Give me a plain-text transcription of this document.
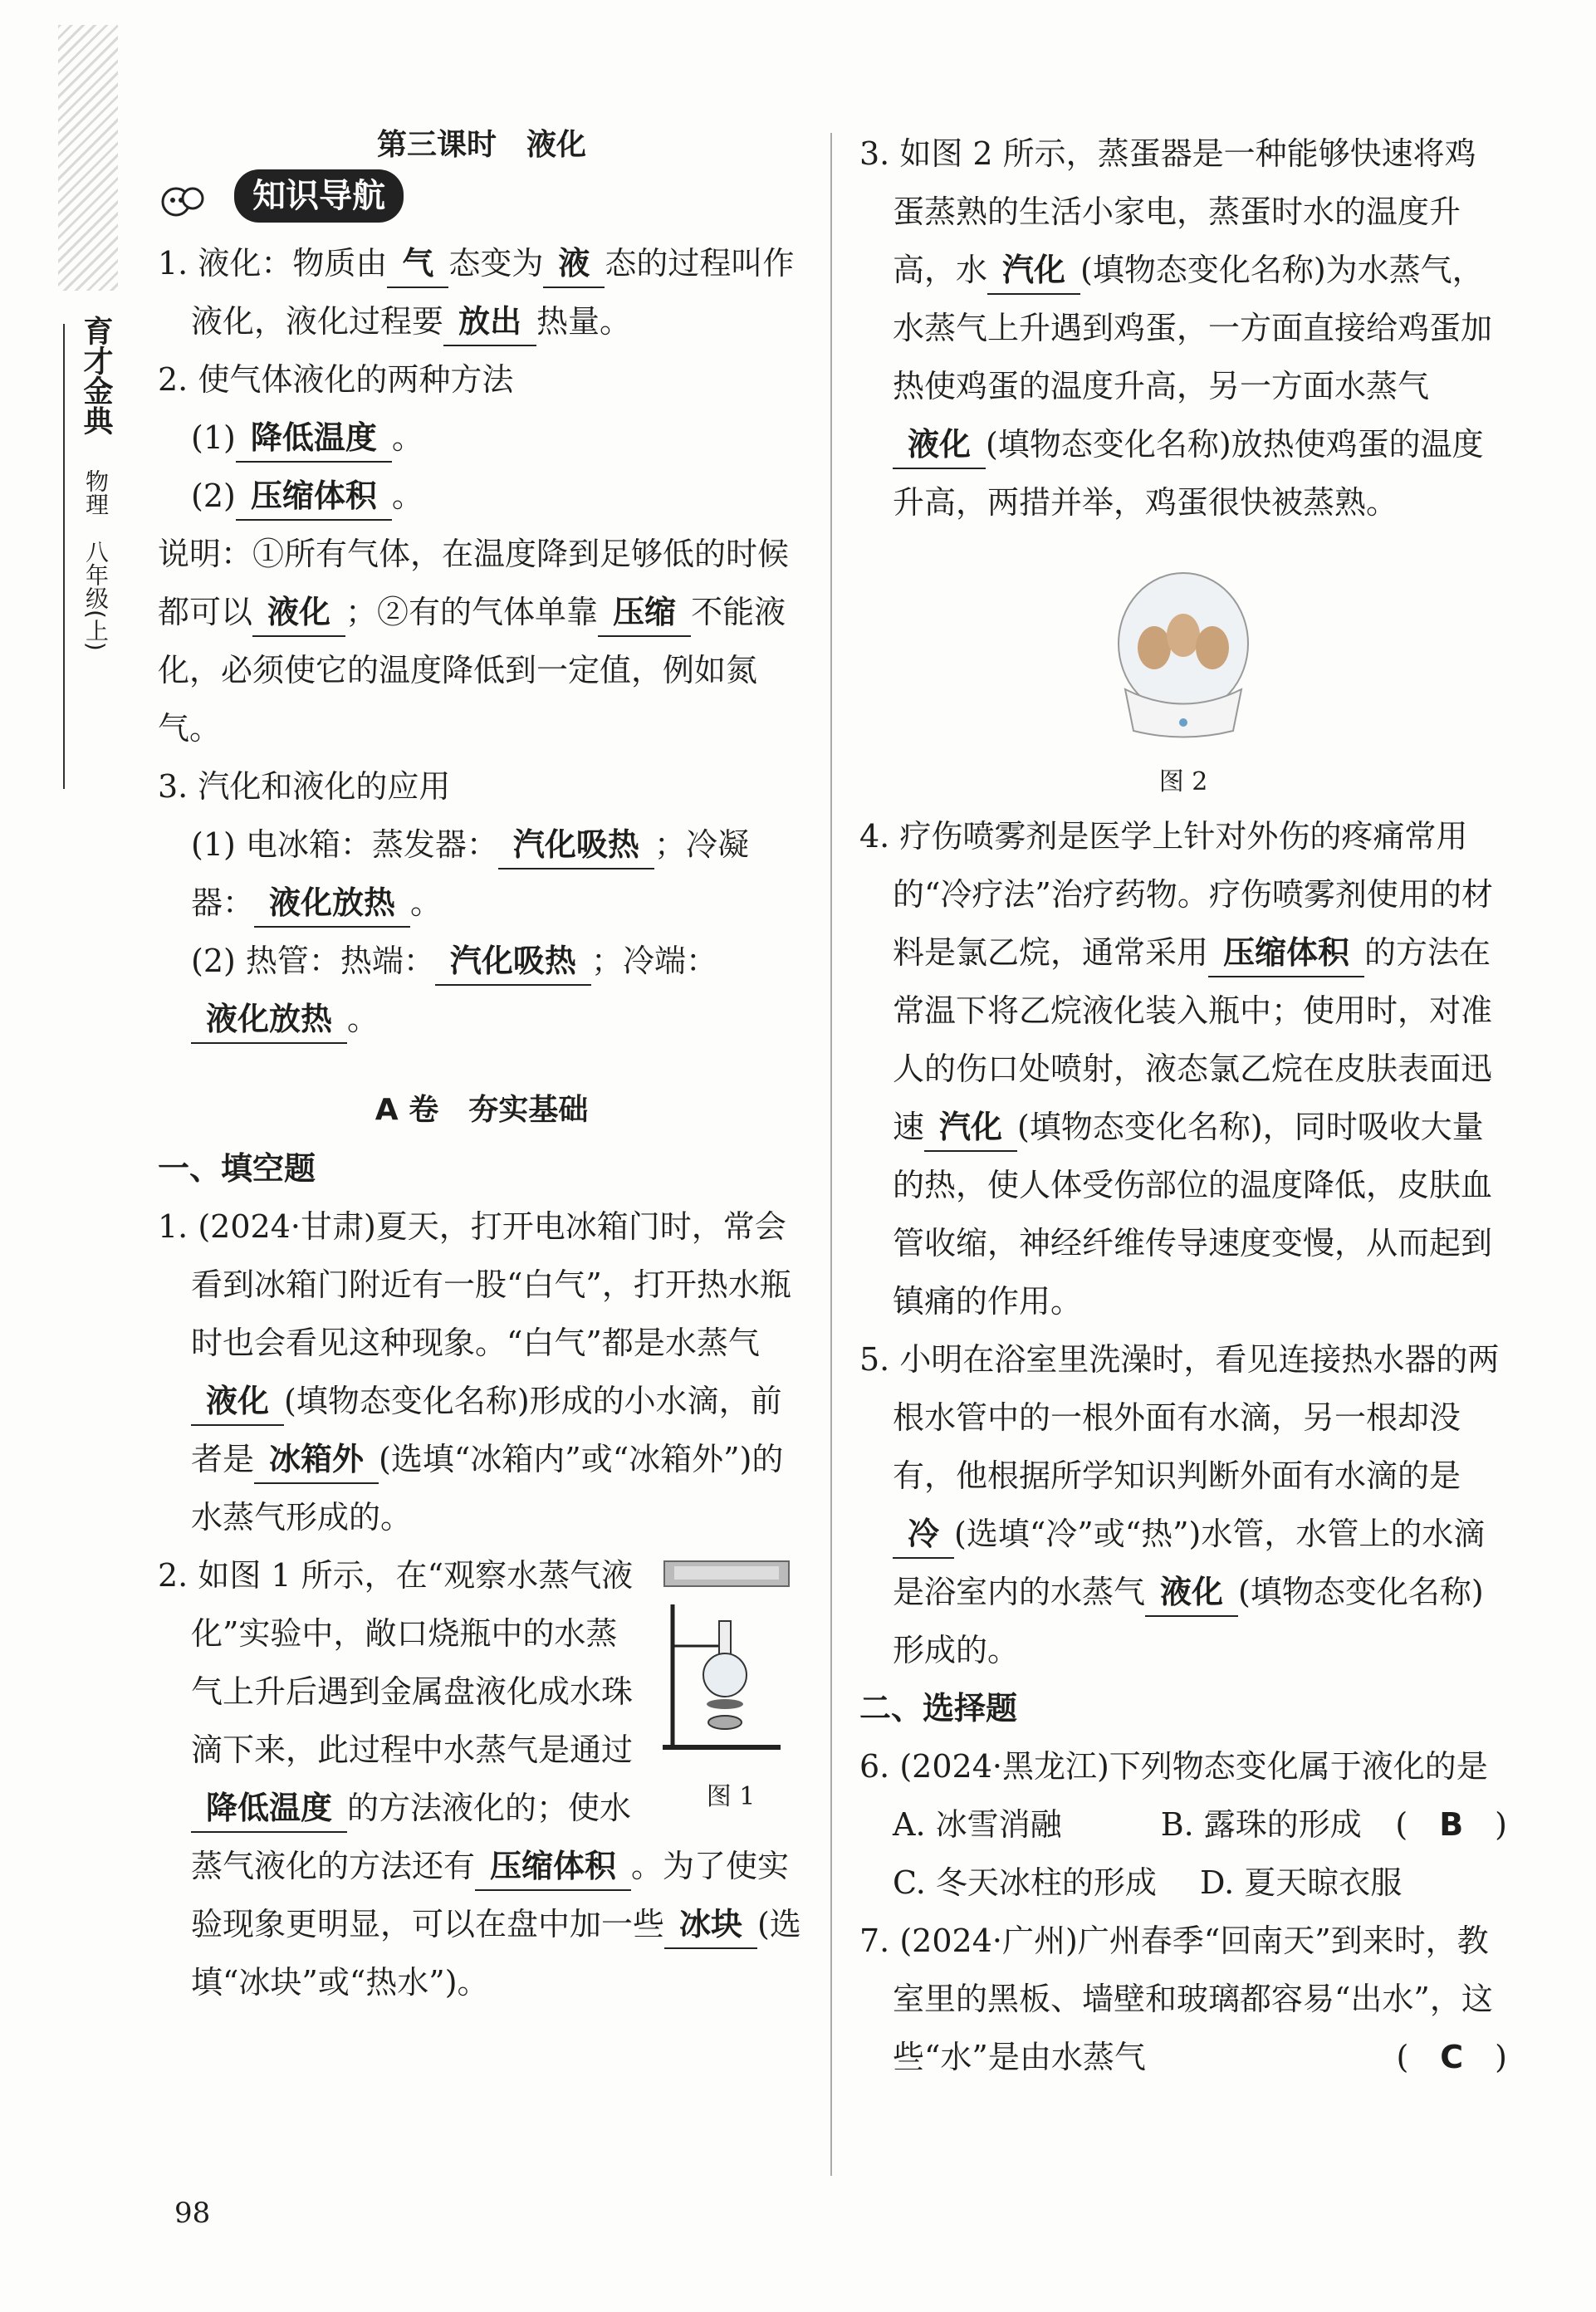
育才金典
物理
八年级(上)
第三课时　液化
知识导航

1. 液化：物质由 气 态变为 液 态的过程叫作液化，液化过程要 放出 热量。

2. 使气体液化的两种方法

(1) 降低温度 。

(2) 压缩体积 。

说明：①所有气体，在温度降到足够低的时候都可以 液化 ；②有的气体单靠 压缩 不能液化，必须使它的温度降低到一定值，例如氮气。

3. 汽化和液化的应用

(1) 电冰箱：蒸发器： 汽化吸热 ；冷凝器： 液化放热 。

(2) 热管：热端： 汽化吸热 ；冷端：液化放热 。

A 卷　夯实基础
一、填空题

1. (2024·甘肃)夏天，打开电冰箱门时，常会看到冰箱门附近有一股“白气”，打开热水瓶时也会看见这种现象。“白气”都是水蒸气液化 (填物态变化名称)形成的小水滴，前者是 冰箱外 (选填“冰箱内”或“冰箱外”)的水蒸气形成的。

图 1

2. 如图 1 所示，在“观察水蒸气液化”实验中，敞口烧瓶中的水蒸气上升后遇到金属盘液化成水珠滴下来，此过程中水蒸气是通过降低温度 的方法液化的；使水蒸气液化的方法还有 压缩体积 。为了使实验现象更明显，可以在盘中加一些 冰块 (选填“冰块”或“热水”)。

3. 如图 2 所示，蒸蛋器是一种能够快速将鸡蛋蒸熟的生活小家电，蒸蛋时水的温度升高，水 汽化 (填物态变化名称)为水蒸气，水蒸气上升遇到鸡蛋，一方面直接给鸡蛋加热使鸡蛋的温度升高，另一方面水蒸气液化 (填物态变化名称)放热使鸡蛋的温度升高，两措并举，鸡蛋很快被蒸熟。

图 2

4. 疗伤喷雾剂是医学上针对外伤的疼痛常用的“冷疗法”治疗药物。疗伤喷雾剂使用的材料是氯乙烷，通常采用 压缩体积 的方法在常温下将乙烷液化装入瓶中；使用时，对准人的伤口处喷射，液态氯乙烷在皮肤表面迅速 汽化 (填物态变化名称)，同时吸收大量的热，使人体受伤部位的温度降低，皮肤血管收缩，神经纤维传导速度变慢，从而起到镇痛的作用。

5. 小明在浴室里洗澡时，看见连接热水器的两根水管中的一根外面有水滴，另一根却没有，他根据所学知识判断外面有水滴的是冷 (选填“冷”或“热”)水管，水管上的水滴是浴室内的水蒸气 液化 (填物态变化名称)形成的。

二、选择题

6. (2024·黑龙江)下列物态变化属于液化的是
(　B　)

A. 冰雪消融	B. 露珠的形成
C. 冬天冰柱的形成	D. 夏天晾衣服

7. (2024·广州)广州春季“回南天”到来时，教室里的黑板、墙壁和玻璃都容易“出水”，这些“水”是由水蒸气	(　C　)

98
